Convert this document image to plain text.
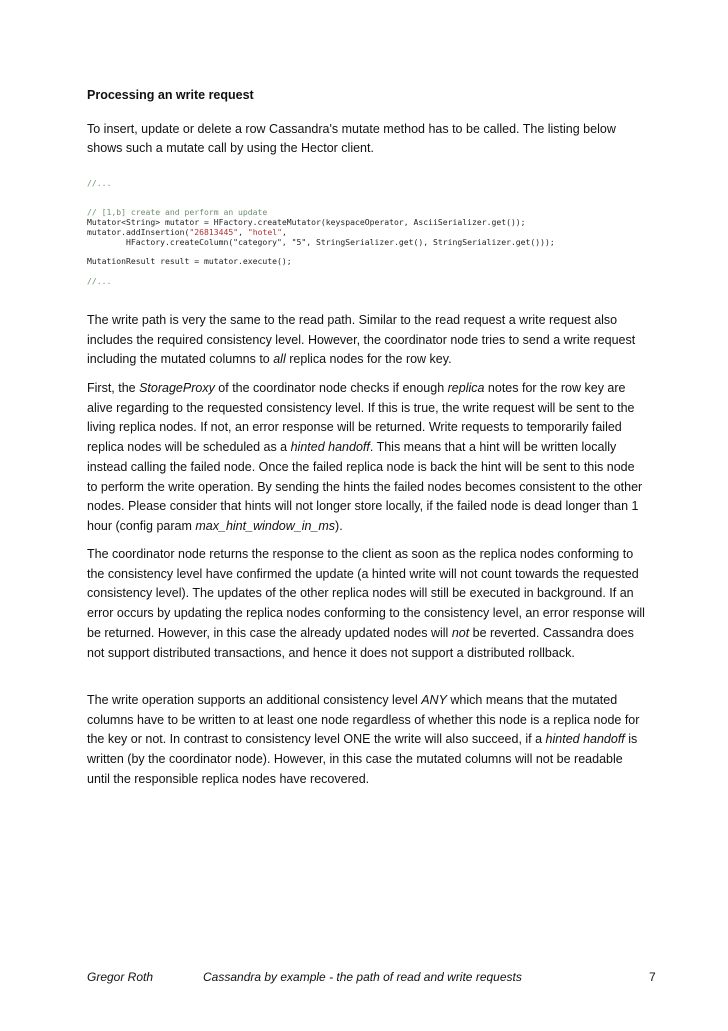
Processing an write request
To insert, update or delete a row Cassandra's mutate method has to be called. The listing below shows such a mutate call by using the Hector client.
//...
// [1,b] create and perform an update
Mutator<String> mutator = HFactory.createMutator(keyspaceOperator, AsciiSerializer.get());
mutator.addInsertion("26813445", "hotel",
HFactory.createColumn("category", "5", StringSerializer.get(), StringSerializer.get()));
MutationResult result = mutator.execute();
//...

The write path is very the same to the read path. Similar to the read request a write request also includes the required consistency level. However, the coordinator node tries to send a write request including the mutated columns to all replica nodes for the row key.

First, the StorageProxy of the coordinator node checks if enough replica notes for the row key are alive regarding to the requested consistency level. If this is true, the write request will be sent to the living replica nodes. If not, an error response will be returned. Write requests to temporarily failed replica nodes will be scheduled as a hinted handoff. This means that a hint will be written locally instead calling the failed node. Once the failed replica node is back the hint will be sent to this node to perform the write operation. By sending the hints the failed nodes becomes consistent to the other nodes. Please consider that hints will not longer store locally, if the failed node is dead longer than 1 hour (config param max_hint_window_in_ms).

The coordinator node returns the response to the client as soon as the replica nodes conforming to the consistency level have confirmed the update (a hinted write will not count towards the requested consistency level). The updates of the other replica nodes will still be executed in background. If an error occurs by updating the replica nodes conforming to the consistency level, an error response will be returned. However, in this case the already updated nodes will not be reverted. Cassandra does not support distributed transactions, and hence it does not support a distributed rollback.

The write operation supports an additional consistency level ANY which means that the mutated columns have to be written to at least one node regardless of whether this node is a replica node for the key or not. In contrast to consistency level ONE the write will also succeed, if a hinted handoff is written (by the coordinator node). However, in this case the mutated columns will not be readable until the responsible replica nodes have recovered.

Gregor Roth	Cassandra by example - the path of read and write requests	7
